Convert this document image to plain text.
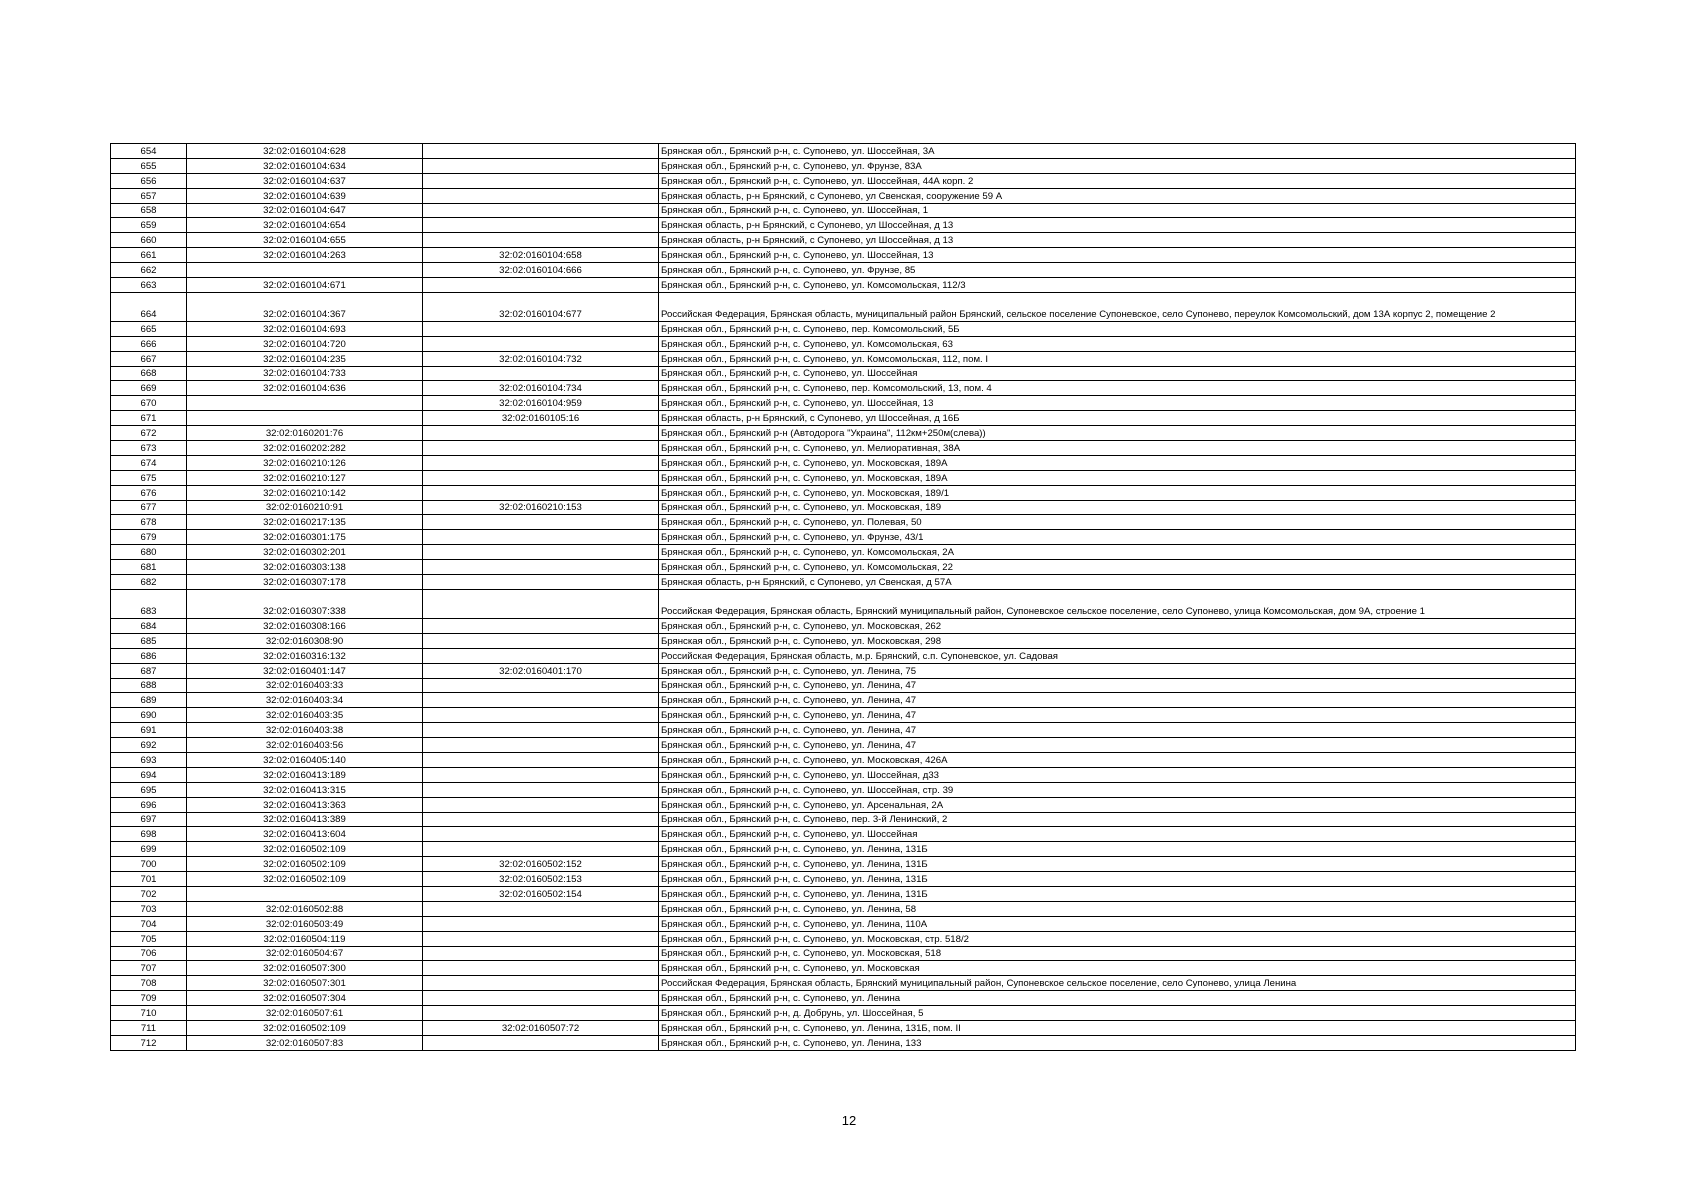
654	32:02:0160104:628		Брянская обл., Брянский р-н, с. Супонево, ул. Шоссейная, 3А
655	32:02:0160104:634		Брянская обл., Брянский р-н, с. Супонево, ул. Фрунзе, 83А
656	32:02:0160104:637		Брянская обл., Брянский р-н, с. Супонево, ул. Шоссейная, 44А корп. 2
657	32:02:0160104:639		Брянская область, р-н Брянский, с Супонево, ул Свенская, сооружение 59 А
658	32:02:0160104:647		Брянская обл., Брянский р-н, с. Супонево, ул. Шоссейная, 1
659	32:02:0160104:654		Брянская область, р-н Брянский, с Супонево, ул Шоссейная, д 13
660	32:02:0160104:655		Брянская область, р-н Брянский, с Супонево, ул Шоссейная, д 13
661	32:02:0160104:263	32:02:0160104:658	Брянская обл., Брянский р-н, с. Супонево, ул. Шоссейная, 13
662		32:02:0160104:666	Брянская обл., Брянский р-н, с. Супонево, ул. Фрунзе, 85
663	32:02:0160104:671		Брянская обл., Брянский р-н, с. Супонево, ул. Комсомольская, 112/3
664	32:02:0160104:367	32:02:0160104:677	Российская Федерация, Брянская область, муниципальный район Брянский, сельское поселение Супоневское, село Супонево, переулок Комсомольский, дом 13А корпус 2, помещение 2
665	32:02:0160104:693		Брянская обл., Брянский р-н, с. Супонево, пер. Комсомольский, 5Б
666	32:02:0160104:720		Брянская обл., Брянский р-н, с. Супонево, ул. Комсомольская, 63
667	32:02:0160104:235	32:02:0160104:732	Брянская обл., Брянский р-н, с. Супонево, ул. Комсомольская, 112, пом. I
668	32:02:0160104:733		Брянская обл., Брянский р-н, с. Супонево, ул. Шоссейная
669	32:02:0160104:636	32:02:0160104:734	Брянская обл., Брянский р-н, с. Супонево, пер. Комсомольский, 13, пом. 4
670		32:02:0160104:959	Брянская обл., Брянский р-н, с. Супонево, ул. Шоссейная, 13
671		32:02:0160105:16	Брянская область, р-н Брянский, с Супонево, ул Шоссейная, д 16Б
672	32:02:0160201:76		Брянская обл., Брянский р-н (Автодорога "Украина", 112км+250м(слева))
673	32:02:0160202:282		Брянская обл., Брянский р-н, с. Супонево, ул. Мелиоративная, 38А
674	32:02:0160210:126		Брянская обл., Брянский р-н, с. Супонево, ул. Московская, 189А
675	32:02:0160210:127		Брянская обл., Брянский р-н, с. Супонево, ул. Московская, 189А
676	32:02:0160210:142		Брянская обл., Брянский р-н, с. Супонево, ул. Московская, 189/1
677	32:02:0160210:91	32:02:0160210:153	Брянская обл., Брянский р-н, с. Супонево, ул. Московская, 189
678	32:02:0160217:135		Брянская обл., Брянский р-н, с. Супонево, ул. Полевая, 50
679	32:02:0160301:175		Брянская обл., Брянский р-н, с. Супонево, ул. Фрунзе, 43/1
680	32:02:0160302:201		Брянская обл., Брянский р-н, с. Супонево, ул. Комсомольская, 2А
681	32:02:0160303:138		Брянская обл., Брянский р-н, с. Супонево, ул. Комсомольская, 22
682	32:02:0160307:178		Брянская область, р-н Брянский, с Супонево, ул Свенская, д 57А
683	32:02:0160307:338		Российская Федерация, Брянская область, Брянский муниципальный район, Супоневское сельское поселение, село Супонево, улица Комсомольская, дом 9А, строение 1
684	32:02:0160308:166		Брянская обл., Брянский р-н, с. Супонево, ул. Московская, 262
685	32:02:0160308:90		Брянская обл., Брянский р-н, с. Супонево, ул. Московская, 298
686	32:02:0160316:132		Российская Федерация, Брянская область, м.р. Брянский, с.п. Супоневское, ул. Садовая
687	32:02:0160401:147	32:02:0160401:170	Брянская обл., Брянский р-н, с. Супонево, ул. Ленина, 75
688	32:02:0160403:33		Брянская обл., Брянский р-н, с. Супонево, ул. Ленина, 47
689	32:02:0160403:34		Брянская обл., Брянский р-н, с. Супонево, ул. Ленина, 47
690	32:02:0160403:35		Брянская обл., Брянский р-н, с. Супонево, ул. Ленина, 47
691	32:02:0160403:38		Брянская обл., Брянский р-н, с. Супонево, ул. Ленина, 47
692	32:02:0160403:56		Брянская обл., Брянский р-н, с. Супонево, ул. Ленина, 47
693	32:02:0160405:140		Брянская обл., Брянский р-н, с. Супонево, ул. Московская, 426А
694	32:02:0160413:189		Брянская обл., Брянский р-н, с. Супонево, ул. Шоссейная, д33
695	32:02:0160413:315		Брянская обл., Брянский р-н, с. Супонево, ул. Шоссейная, стр. 39
696	32:02:0160413:363		Брянская обл., Брянский р-н, с. Супонево, ул. Арсенальная, 2А
697	32:02:0160413:389		Брянская обл., Брянский р-н, с. Супонево, пер. 3-й Ленинский, 2
698	32:02:0160413:604		Брянская обл., Брянский р-н, с. Супонево, ул. Шоссейная
699	32:02:0160502:109		Брянская обл., Брянский р-н, с. Супонево, ул. Ленина, 131Б
700	32:02:0160502:109	32:02:0160502:152	Брянская обл., Брянский р-н, с. Супонево, ул. Ленина, 131Б
701	32:02:0160502:109	32:02:0160502:153	Брянская обл., Брянский р-н, с. Супонево, ул. Ленина, 131Б
702		32:02:0160502:154	Брянская обл., Брянский р-н, с. Супонево, ул. Ленина, 131Б
703	32:02:0160502:88		Брянская обл., Брянский р-н, с. Супонево, ул. Ленина, 58
704	32:02:0160503:49		Брянская обл., Брянский р-н, с. Супонево, ул. Ленина, 110А
705	32:02:0160504:119		Брянская обл., Брянский р-н, с. Супонево, ул. Московская, стр. 518/2
706	32:02:0160504:67		Брянская обл., Брянский р-н, с. Супонево, ул. Московская, 518
707	32:02:0160507:300		Брянская обл., Брянский р-н, с. Супонево, ул. Московская
708	32:02:0160507:301		Российская Федерация, Брянская область, Брянский муниципальный район, Супоневское сельское поселение, село Супонево, улица Ленина
709	32:02:0160507:304		Брянская обл., Брянский р-н, с. Супонево, ул. Ленина
710	32:02:0160507:61		Брянская обл., Брянский р-н, д. Добрунь, ул. Шоссейная, 5
711	32:02:0160502:109	32:02:0160507:72	Брянская обл., Брянский р-н, с. Супонево, ул. Ленина, 131Б, пом. II
712	32:02:0160507:83		Брянская обл., Брянский р-н, с. Супонево, ул. Ленина, 133
12
